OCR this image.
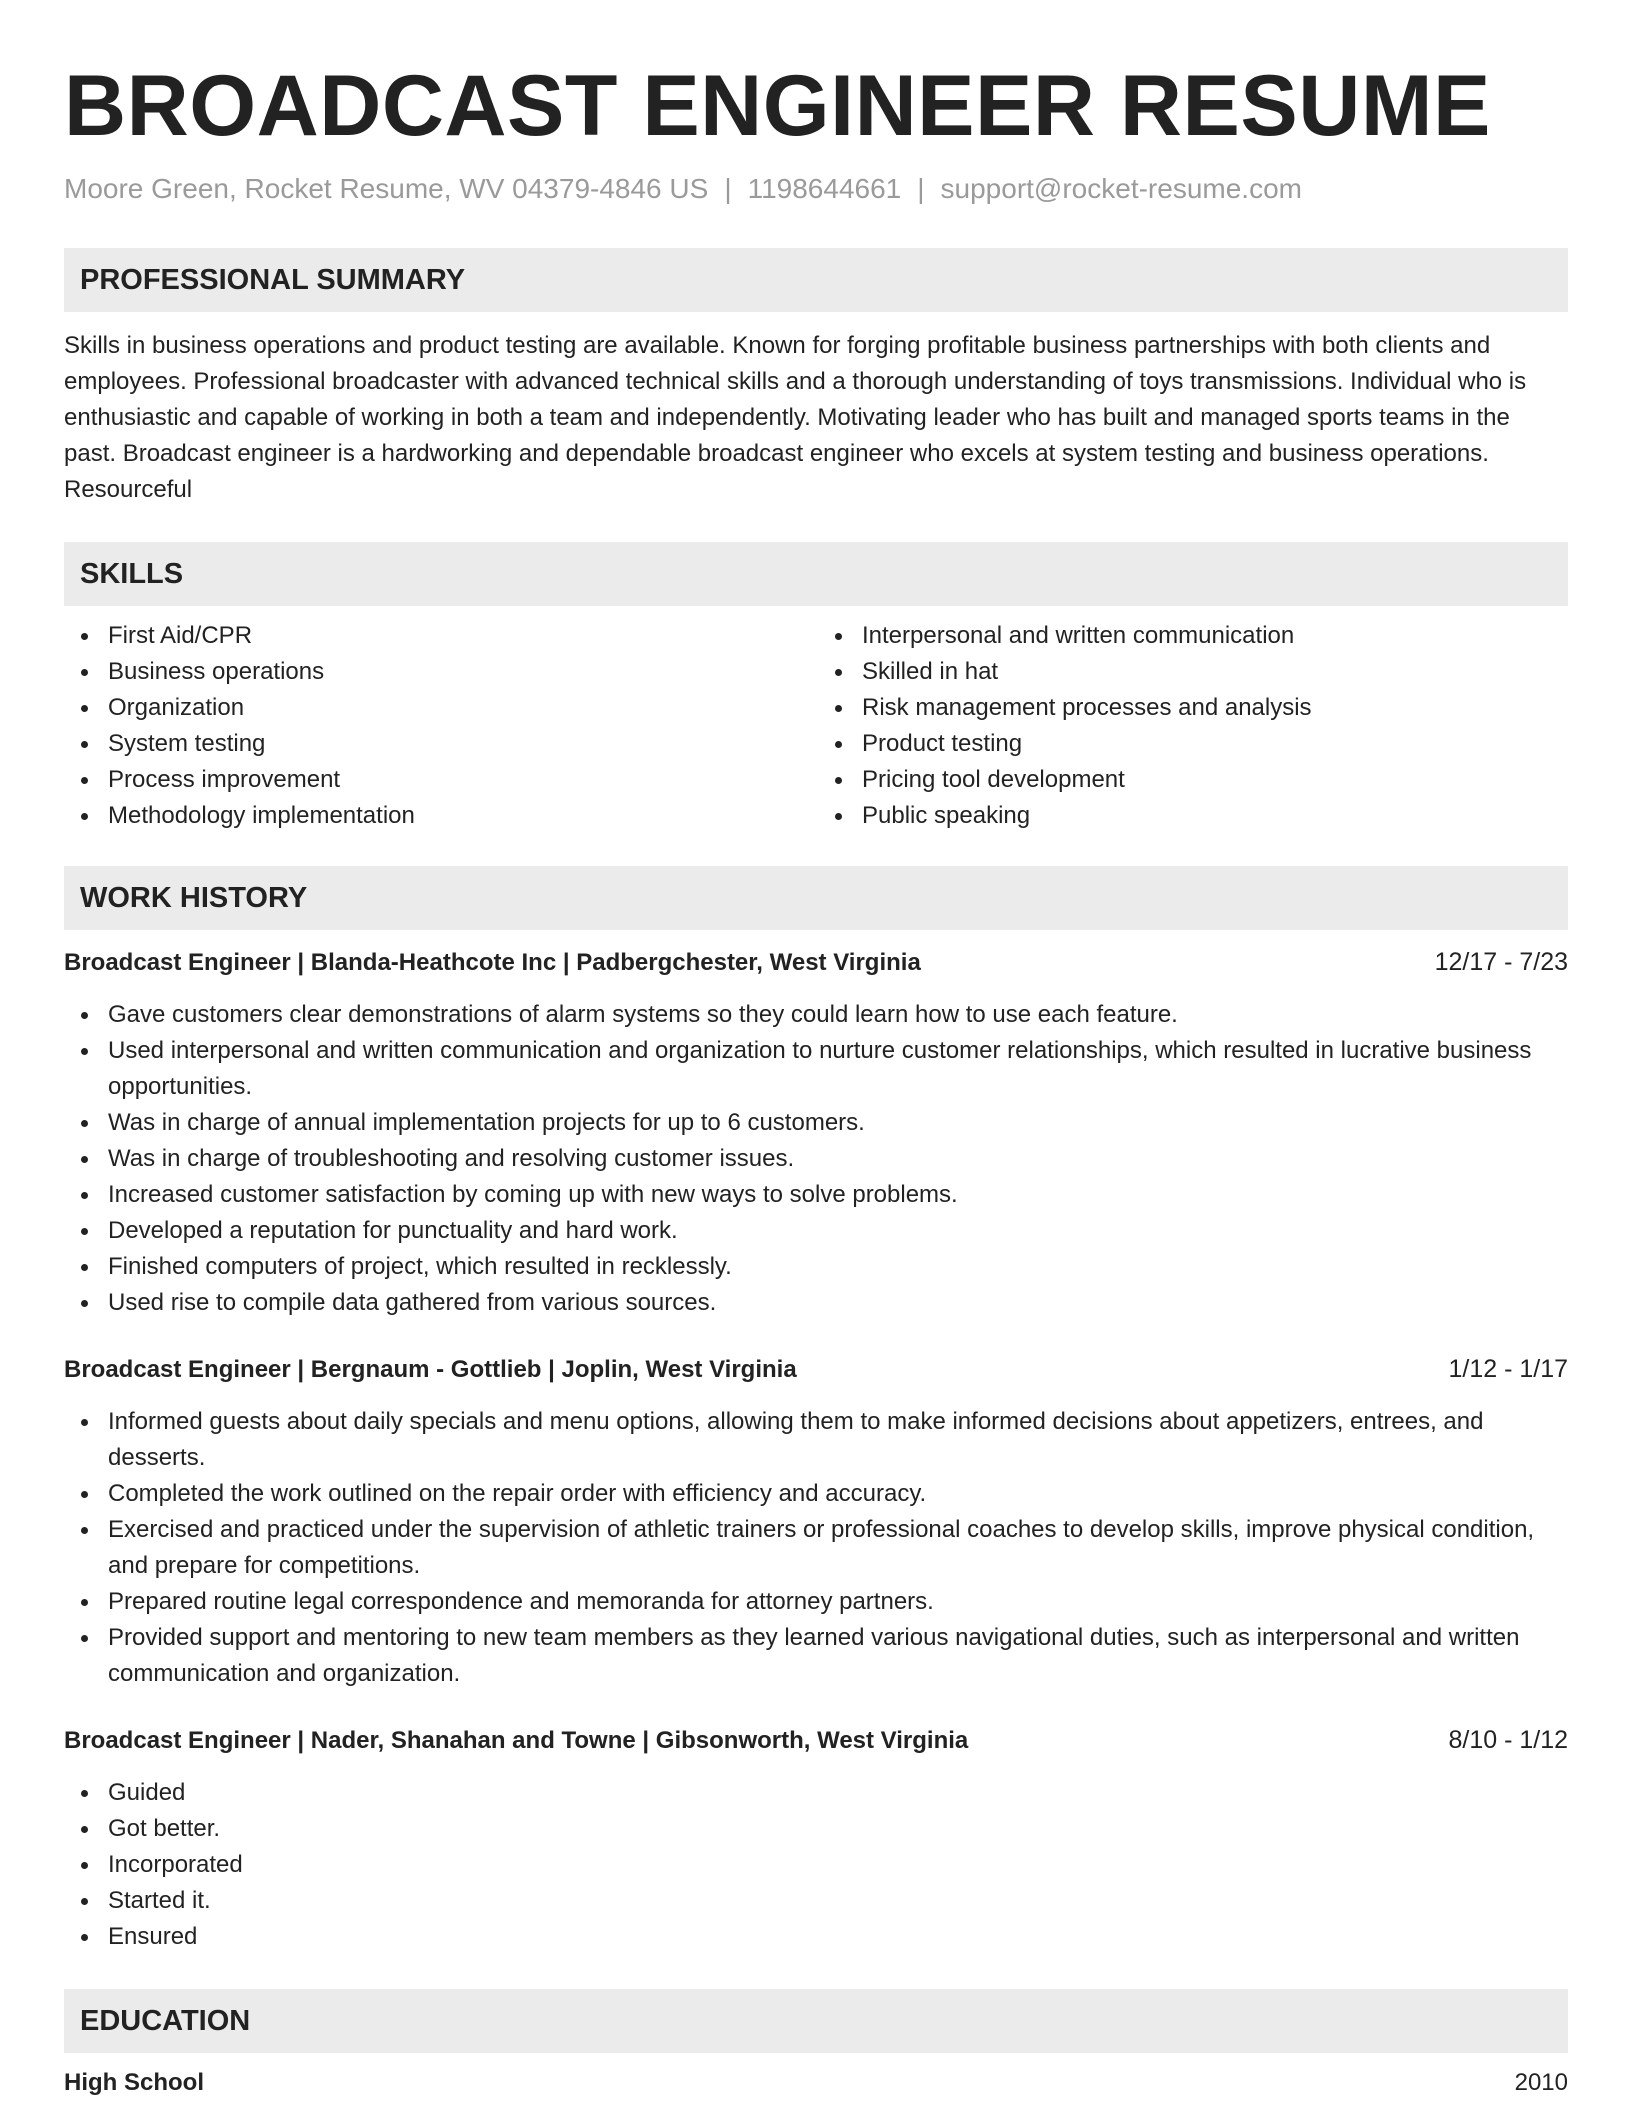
BROADCAST ENGINEER RESUME
Moore Green, Rocket Resume, WV 04379-4846 US | 1198644661 | support@rocket-resume.com
PROFESSIONAL SUMMARY

Skills in business operations and product testing are available. Known for forging profitable business partnerships with both clients and employees. Professional broadcaster with advanced technical skills and a thorough understanding of toys transmissions. Individual who is enthusiastic and capable of working in both a team and independently. Motivating leader who has built and managed sports teams in the past. Broadcast engineer is a hardworking and dependable broadcast engineer who excels at system testing and business operations. Resourceful

SKILLS
First Aid/CPR
Business operations
Organization
System testing
Process improvement
Methodology implementation
Interpersonal and written communication
Skilled in hat
Risk management processes and analysis
Product testing
Pricing tool development
Public speaking
WORK HISTORY
Broadcast Engineer | Blanda-Heathcote Inc | Padbergchester, West Virginia	12/17 - 7/23
Gave customers clear demonstrations of alarm systems so they could learn how to use each feature.
Used interpersonal and written communication and organization to nurture customer relationships, which resulted in lucrative business opportunities.
Was in charge of annual implementation projects for up to 6 customers.
Was in charge of troubleshooting and resolving customer issues.
Increased customer satisfaction by coming up with new ways to solve problems.
Developed a reputation for punctuality and hard work.
Finished computers of project, which resulted in recklessly.
Used rise to compile data gathered from various sources.
Broadcast Engineer | Bergnaum - Gottlieb | Joplin, West Virginia	1/12 - 1/17
Informed guests about daily specials and menu options, allowing them to make informed decisions about appetizers, entrees, and desserts.
Completed the work outlined on the repair order with efficiency and accuracy.
Exercised and practiced under the supervision of athletic trainers or professional coaches to develop skills, improve physical condition, and prepare for competitions.
Prepared routine legal correspondence and memoranda for attorney partners.
Provided support and mentoring to new team members as they learned various navigational duties, such as interpersonal and written communication and organization.
Broadcast Engineer | Nader, Shanahan and Towne | Gibsonworth, West Virginia	8/10 - 1/12
Guided
Got better.
Incorporated
Started it.
Ensured
EDUCATION
High School	2010
